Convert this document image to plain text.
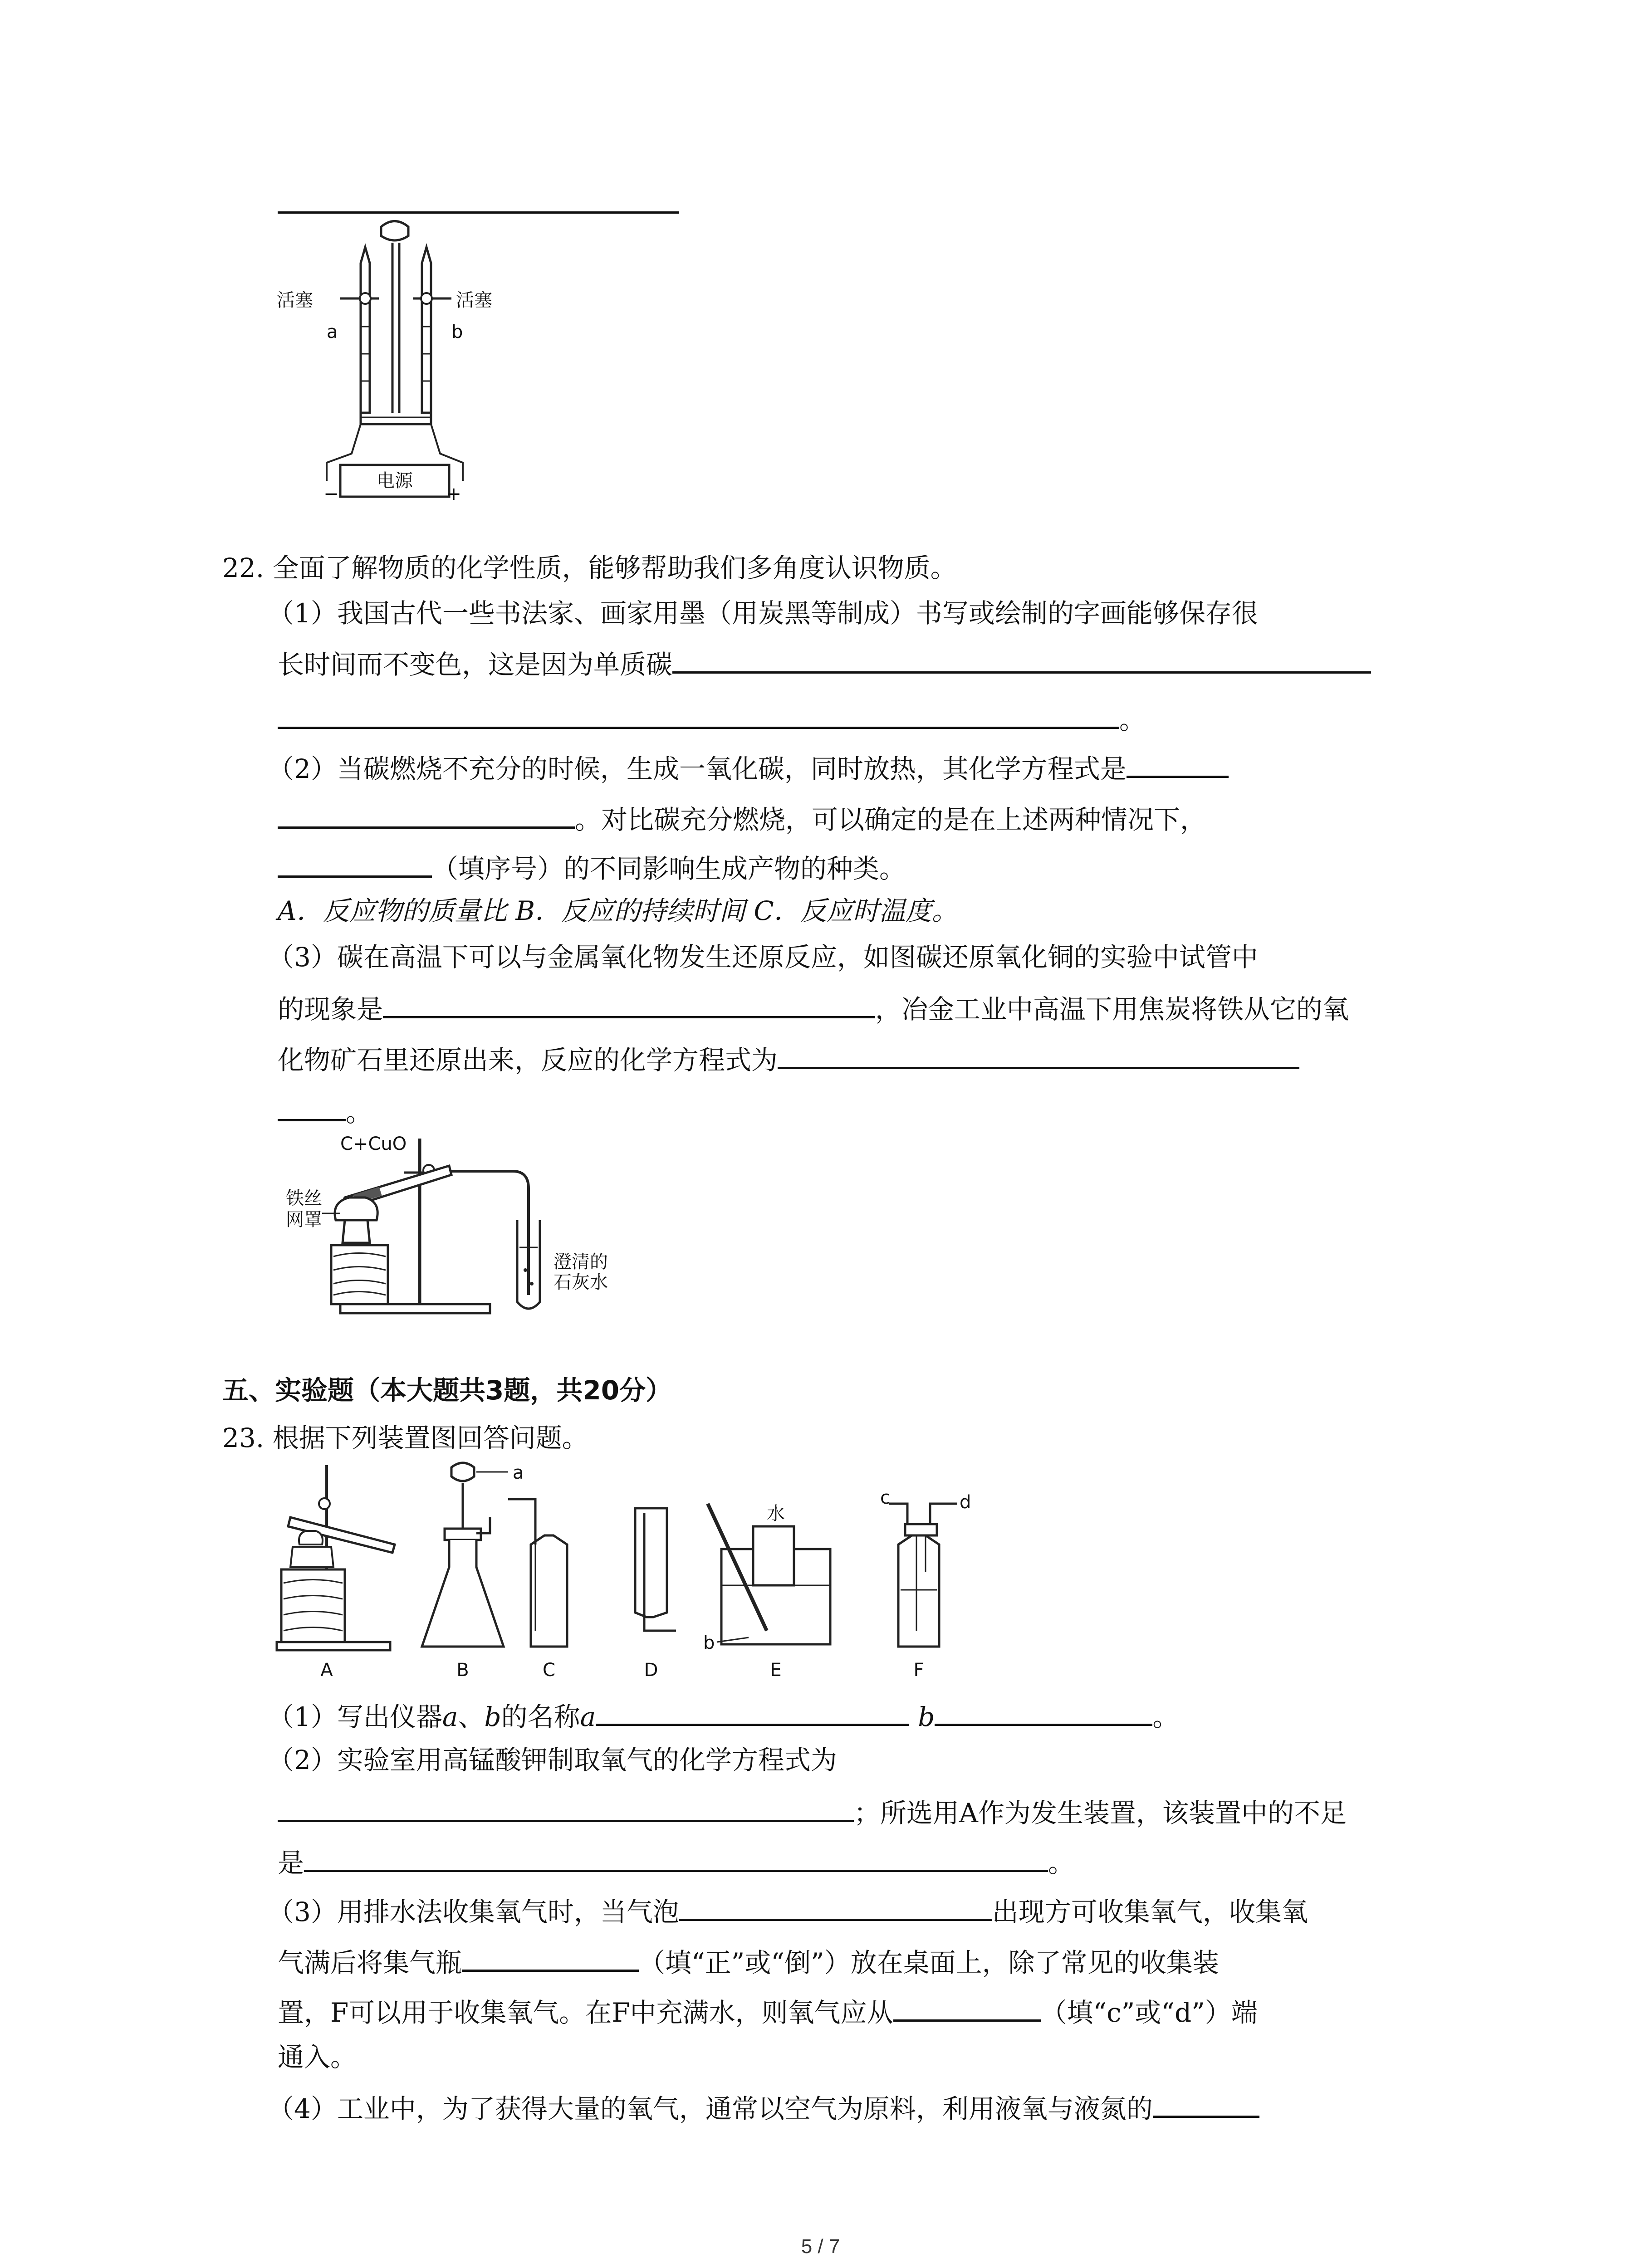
电源
−	+
活塞	活塞
a	b
22. 全面了解物质的化学性质，能够帮助我们多角度认识物质。
（1）我国古代一些书法家、画家用墨（用炭黑等制成）书写或绘制的字画能够保存很
长时间而不变色，这是因为单质碳
。
（2）当碳燃烧不充分的时候，生成一氧化碳，同时放热，其化学方程式是
。对比碳充分燃烧，可以确定的是在上述两种情况下，
（填序号）的不同影响生成产物的种类。
A．反应物的质量比 B．反应的持续时间 C．反应时温度。
（3）碳在高温下可以与金属氧化物发生还原反应，如图碳还原氧化铜的实验中试管中
的现象是	，冶金工业中高温下用焦炭将铁从它的氧
化物矿石里还原出来，反应的化学方程式为
。
C+CuO
铁丝
网罩
澄清的
石灰水
五、实验题（本大题共3题，共20分）
23. 根据下列装置图回答问题。
A
a
B	C	D
水
b
E
c	d
F
（1）写出仪器a、b的名称a	b	。
（2）实验室用高锰酸钾制取氧气的化学方程式为
；所选用A作为发生装置，该装置中的不足
是	。
（3）用排水法收集氧气时，当气泡	出现方可收集氧气，收集氧
气满后将集气瓶	（填“正”或“倒”）放在桌面上，除了常见的收集装
置，F可以用于收集氧气。在F中充满水，则氧气应从	（填“c”或“d”）端
通入。
（4）工业中，为了获得大量的氧气，通常以空气为原料，利用液氧与液氮的
5 / 7
